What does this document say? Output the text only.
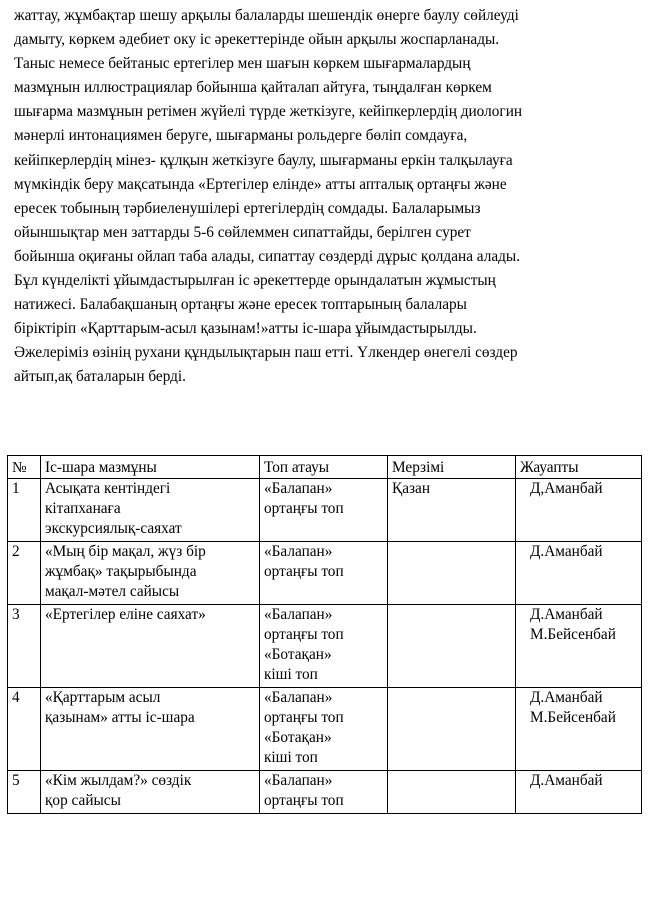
жаттау, жұмбақтар шешу арқылы балаларды шешендік өнерге баулу сөйлеуді
дамыту, көркем әдебиет оку іс әрекеттерінде ойын арқылы жоспарланады.
Таныс немесе бейтаныс ертегілер мен шағын көркем шығармалардың
мазмұнын иллюстрациялар бойынша қайталап айтуға, тыңдалған көркем
шығарма мазмұнын ретімен жүйелі түрде жеткізуге, кейіпкерлердің диологин
мәнерлі интонациямен беруге, шығарманы рольдерге бөліп сомдауға,
кейіпкерлердің мінез- құлқын жеткізуге баулу, шығарманы еркін талқылауға
мүмкіндік беру мақсатында «Ертегілер елінде» атты апталық ортаңғы және
ересек тобының тәрбиеленушілері ертегілердің сомдады. Балаларымыз
ойыншықтар мен заттарды 5-6 сөйлеммен сипаттайды, берілген сурет
бойынша оқиғаны ойлап таба алады, сипаттау сөздерді дұрыс қолдана алады.
Бұл күнделікті ұйымдастырылған іс әрекеттерде орындалатын жұмыстың
натижесі. Балабақшаның ортаңғы және ересек топтарының балалары
біріктіріп «Қарттарым-асыл қазынам!»атты іс-шара ұйымдастырылды.
Әжелеріміз өзінің рухани құндылықтарын паш етті. Үлкендер өнегелі сөздер
айтып,ақ баталарын берді.
№	Іс-шара мазмұны	Топ атауы	Мерзімі	Жауапты
1	Асықата кентіндегі
кітапханаға
экскурсиялық-саяхат	«Балапан»
ортаңғы топ	Қазан	Д,Аманбай

2	«Мың бір мақал, жүз бір
жұмбақ» тақырыбында
мақал-мәтел сайысы	«Балапан»
ортаңғы топ		Д.Аманбай

3	«Ертегілер еліне саяхат»	«Балапан»
ортаңғы топ
«Ботақан»
кіші топ		Д.Аманбай
М.Бейсенбай

4	«Қарттарым асыл
қазынам» атты іс-шара	«Балапан»
ортаңғы топ
«Ботақан»
кіші топ		Д.Аманбай
М.Бейсенбай

5	«Кім жылдам?» сөздік
қор сайысы	«Балапан»
ортаңғы топ		Д.Аманбай
